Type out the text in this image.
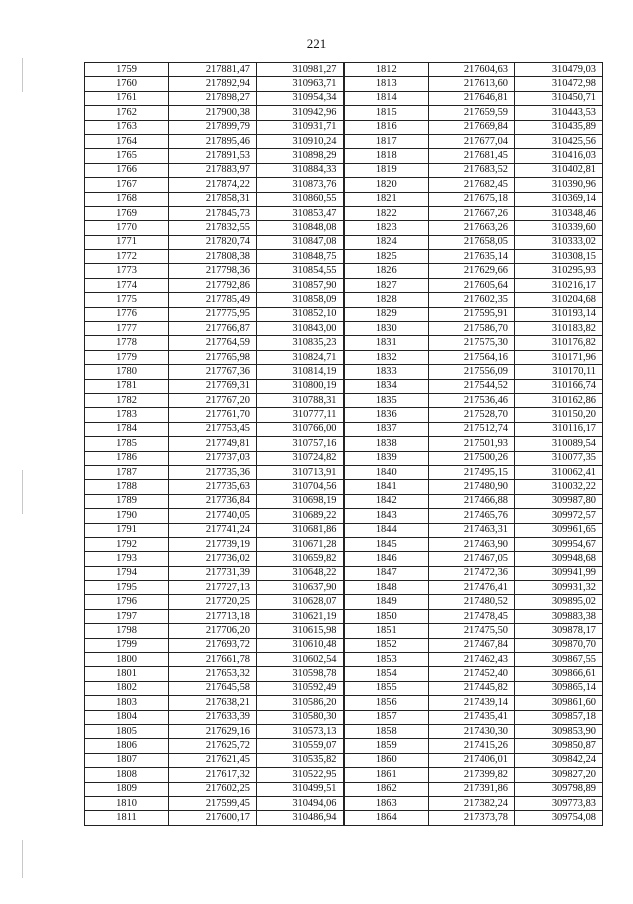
221
1759	217881,47	310981,27	1812	217604,63	310479,03
1760	217892,94	310963,71	1813	217613,60	310472,98
1761	217898,27	310954,34	1814	217646,81	310450,71
1762	217900,38	310942,96	1815	217659,59	310443,53
1763	217899,79	310931,71	1816	217669,84	310435,89
1764	217895,46	310910,24	1817	217677,04	310425,56
1765	217891,53	310898,29	1818	217681,45	310416,03
1766	217883,97	310884,33	1819	217683,52	310402,81
1767	217874,22	310873,76	1820	217682,45	310390,96
1768	217858,31	310860,55	1821	217675,18	310369,14
1769	217845,73	310853,47	1822	217667,26	310348,46
1770	217832,55	310848,08	1823	217663,26	310339,60
1771	217820,74	310847,08	1824	217658,05	310333,02
1772	217808,38	310848,75	1825	217635,14	310308,15
1773	217798,36	310854,55	1826	217629,66	310295,93
1774	217792,86	310857,90	1827	217605,64	310216,17
1775	217785,49	310858,09	1828	217602,35	310204,68
1776	217775,95	310852,10	1829	217595,91	310193,14
1777	217766,87	310843,00	1830	217586,70	310183,82
1778	217764,59	310835,23	1831	217575,30	310176,82
1779	217765,98	310824,71	1832	217564,16	310171,96
1780	217767,36	310814,19	1833	217556,09	310170,11
1781	217769,31	310800,19	1834	217544,52	310166,74
1782	217767,20	310788,31	1835	217536,46	310162,86
1783	217761,70	310777,11	1836	217528,70	310150,20
1784	217753,45	310766,00	1837	217512,74	310116,17
1785	217749,81	310757,16	1838	217501,93	310089,54
1786	217737,03	310724,82	1839	217500,26	310077,35
1787	217735,36	310713,91	1840	217495,15	310062,41
1788	217735,63	310704,56	1841	217480,90	310032,22
1789	217736,84	310698,19	1842	217466,88	309987,80
1790	217740,05	310689,22	1843	217465,76	309972,57
1791	217741,24	310681,86	1844	217463,31	309961,65
1792	217739,19	310671,28	1845	217463,90	309954,67
1793	217736,02	310659,82	1846	217467,05	309948,68
1794	217731,39	310648,22	1847	217472,36	309941,99
1795	217727,13	310637,90	1848	217476,41	309931,32
1796	217720,25	310628,07	1849	217480,52	309895,02
1797	217713,18	310621,19	1850	217478,45	309883,38
1798	217706,20	310615,98	1851	217475,50	309878,17
1799	217693,72	310610,48	1852	217467,84	309870,70
1800	217661,78	310602,54	1853	217462,43	309867,55
1801	217653,32	310598,78	1854	217452,40	309866,61
1802	217645,58	310592,49	1855	217445,82	309865,14
1803	217638,21	310586,20	1856	217439,14	309861,60
1804	217633,39	310580,30	1857	217435,41	309857,18
1805	217629,16	310573,13	1858	217430,30	309853,90
1806	217625,72	310559,07	1859	217415,26	309850,87
1807	217621,45	310535,82	1860	217406,01	309842,24
1808	217617,32	310522,95	1861	217399,82	309827,20
1809	217602,25	310499,51	1862	217391,86	309798,89
1810	217599,45	310494,06	1863	217382,24	309773,83
1811	217600,17	310486,94	1864	217373,78	309754,08
